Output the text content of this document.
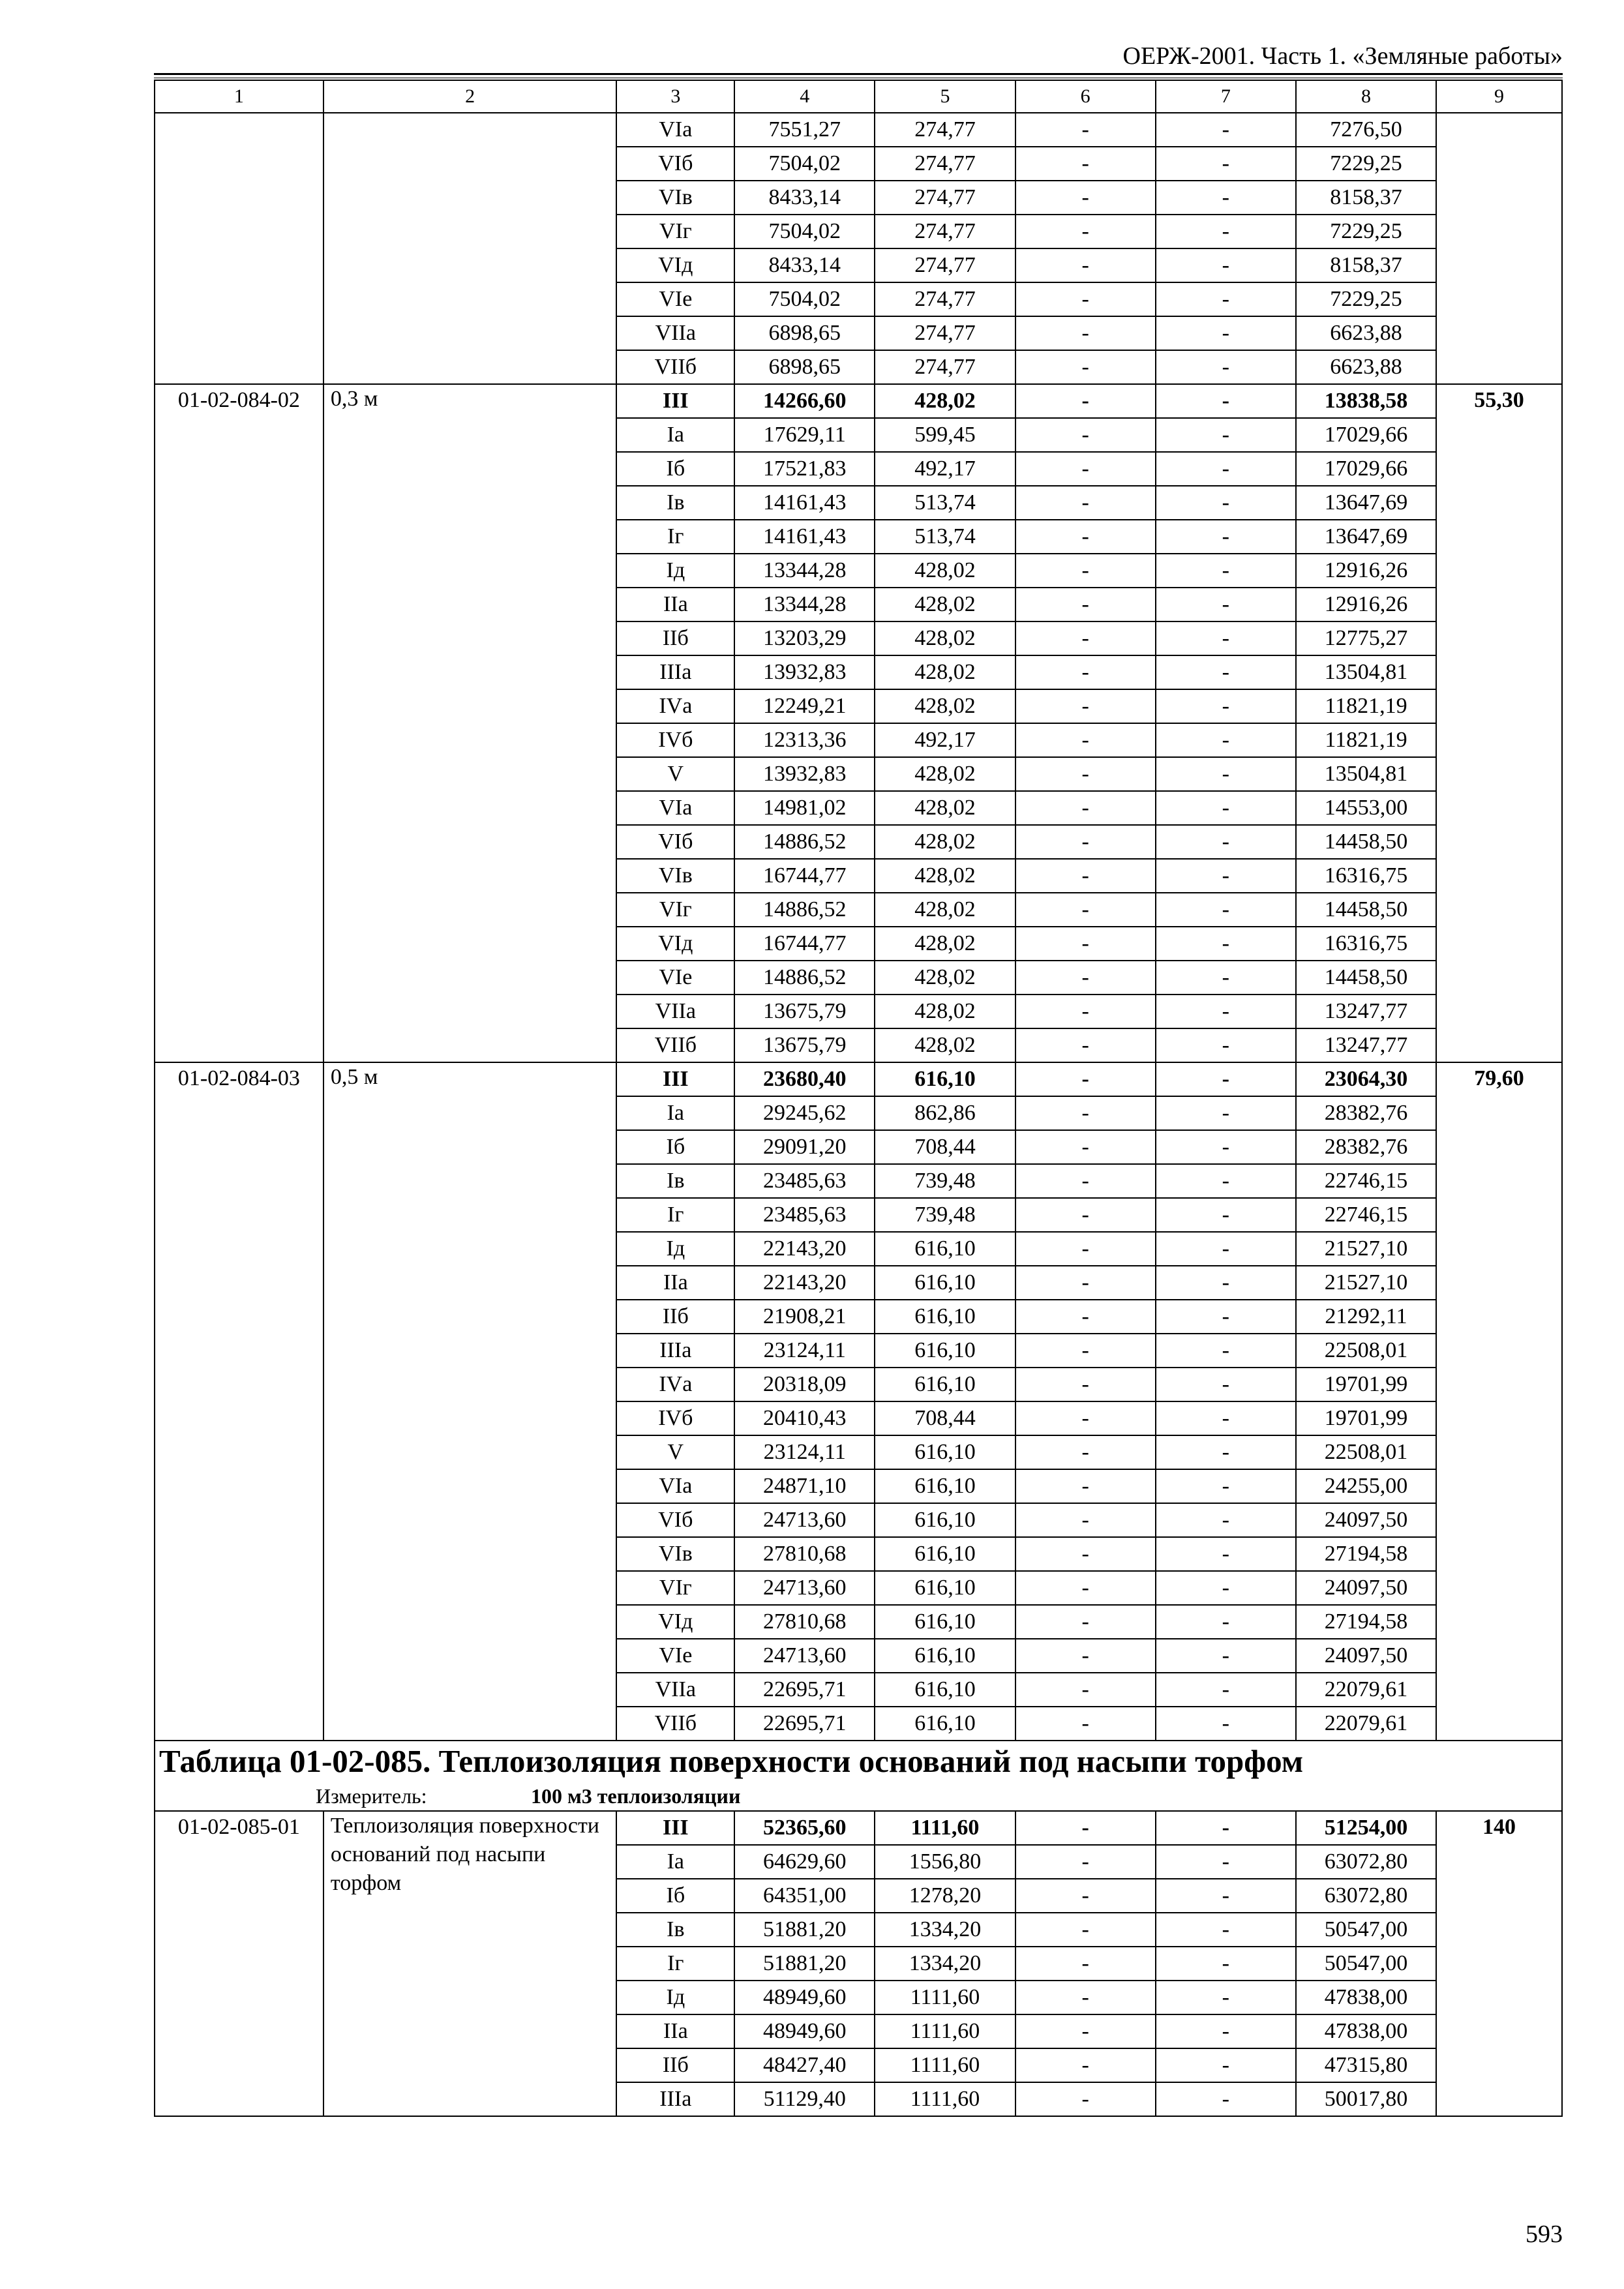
ОЕРЖ-2001. Часть 1. «Земляные работы»
1	2	3	4	5	6	7	8	9
		VIа	7551,27	274,77	-	-	7276,50	
		VIб	7504,02	274,77	-	-	7229,25	
		VIв	8433,14	274,77	-	-	8158,37	
		VIг	7504,02	274,77	-	-	7229,25	
		VIд	8433,14	274,77	-	-	8158,37	
		VIе	7504,02	274,77	-	-	7229,25	
		VIIа	6898,65	274,77	-	-	6623,88	
		VIIб	6898,65	274,77	-	-	6623,88	
01-02-084-02	0,3 м	III	14266,60	428,02	-	-	13838,58	55,30
		Iа	17629,11	599,45	-	-	17029,66	
		Iб	17521,83	492,17	-	-	17029,66	
		Iв	14161,43	513,74	-	-	13647,69	
		Iг	14161,43	513,74	-	-	13647,69	
		Iд	13344,28	428,02	-	-	12916,26	
		IIа	13344,28	428,02	-	-	12916,26	
		IIб	13203,29	428,02	-	-	12775,27	
		IIIа	13932,83	428,02	-	-	13504,81	
		IVа	12249,21	428,02	-	-	11821,19	
		IVб	12313,36	492,17	-	-	11821,19	
		V	13932,83	428,02	-	-	13504,81	
		VIа	14981,02	428,02	-	-	14553,00	
		VIб	14886,52	428,02	-	-	14458,50	
		VIв	16744,77	428,02	-	-	16316,75	
		VIг	14886,52	428,02	-	-	14458,50	
		VIд	16744,77	428,02	-	-	16316,75	
		VIе	14886,52	428,02	-	-	14458,50	
		VIIа	13675,79	428,02	-	-	13247,77	
		VIIб	13675,79	428,02	-	-	13247,77	
01-02-084-03	0,5 м	III	23680,40	616,10	-	-	23064,30	79,60
		Iа	29245,62	862,86	-	-	28382,76	
		Iб	29091,20	708,44	-	-	28382,76	
		Iв	23485,63	739,48	-	-	22746,15	
		Iг	23485,63	739,48	-	-	22746,15	
		Iд	22143,20	616,10	-	-	21527,10	
		IIа	22143,20	616,10	-	-	21527,10	
		IIб	21908,21	616,10	-	-	21292,11	
		IIIа	23124,11	616,10	-	-	22508,01	
		IVа	20318,09	616,10	-	-	19701,99	
		IVб	20410,43	708,44	-	-	19701,99	
		V	23124,11	616,10	-	-	22508,01	
		VIа	24871,10	616,10	-	-	24255,00	
		VIб	24713,60	616,10	-	-	24097,50	
		VIв	27810,68	616,10	-	-	27194,58	
		VIг	24713,60	616,10	-	-	24097,50	
		VIд	27810,68	616,10	-	-	27194,58	
		VIе	24713,60	616,10	-	-	24097,50	
		VIIа	22695,71	616,10	-	-	22079,61	
		VIIб	22695,71	616,10	-	-	22079,61	

Таблица 01-02-085. Теплоизоляция поверхности оснований под насыпи торфом
Измеритель: 100 м3 теплоизоляции								

01-02-085-01	Теплоизоляция поверхности оснований под насыпи торфом	III	52365,60	1111,60	-	-	51254,00	140
		Iа	64629,60	1556,80	-	-	63072,80	
		Iб	64351,00	1278,20	-	-	63072,80	
		Iв	51881,20	1334,20	-	-	50547,00	
		Iг	51881,20	1334,20	-	-	50547,00	
		Iд	48949,60	1111,60	-	-	47838,00	
		IIа	48949,60	1111,60	-	-	47838,00	
		IIб	48427,40	1111,60	-	-	47315,80	
		IIIа	51129,40	1111,60	-	-	50017,80	
593
